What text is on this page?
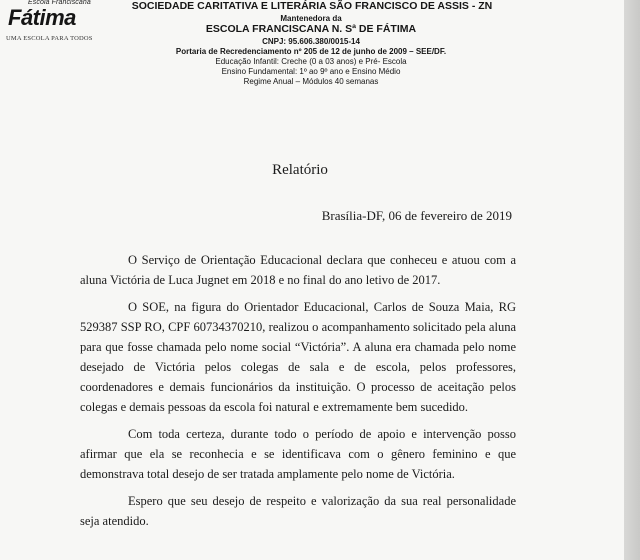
Escola Franciscana
Fátima
UMA ESCOLA PARA TODOS
SOCIEDADE CARITATIVA E LITERÁRIA SÃO FRANCISCO DE ASSIS - ZN
Mantenedora da
ESCOLA FRANCISCANA N. Sª DE FÁTIMA
CNPJ: 95.606.380/0015-14
Portaria de Recredenciamento nº 205 de 12 de junho de 2009 – SEE/DF.
Educação Infantil: Creche (0 a 03 anos) e Pré- Escola
Ensino Fundamental: 1º ao 9º ano e Ensino Médio
Regime Anual – Módulos 40 semanas
Relatório
Brasília-DF, 06 de fevereiro de 2019

O Serviço de Orientação Educacional declara que conheceu e atuou com a aluna Victória de Luca Jugnet em 2018 e no final do ano letivo de 2017.

O SOE, na figura do Orientador Educacional, Carlos de Souza Maia, RG 529387 SSP RO, CPF 60734370210, realizou o acompanhamento solicitado pela aluna para que fosse chamada pelo nome social “Victória”. A aluna era chamada pelo nome desejado de Victória pelos colegas de sala e de escola, pelos professores, coordenadores e demais funcionários da instituição. O processo de aceitação pelos colegas e demais pessoas da escola foi natural e extremamente bem sucedido.

Com toda certeza, durante todo o período de apoio e intervenção posso afirmar que ela se reconhecia e se identificava com o gênero feminino e que demonstrava total desejo de ser tratada amplamente pelo nome de Victória.

Espero que seu desejo de respeito e valorização da sua real personalidade seja atendido.
